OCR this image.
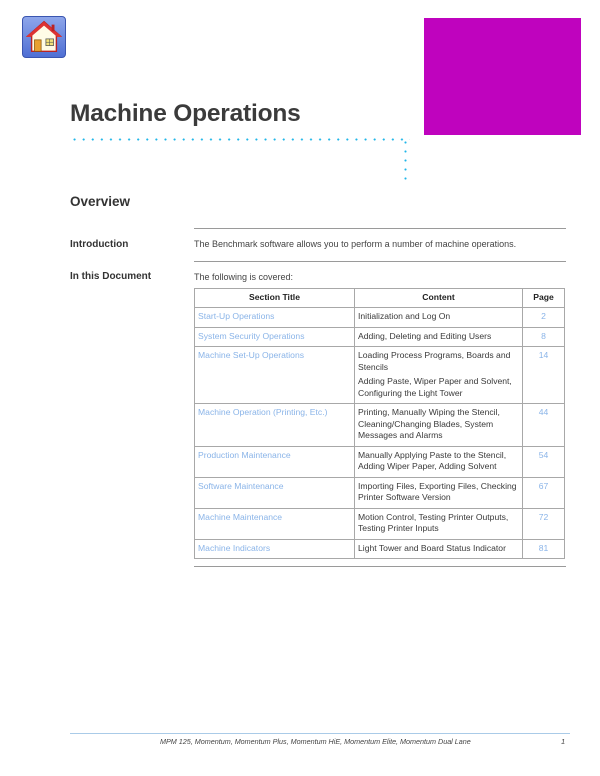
Machine Operations
Overview

Introduction	The Benchmark software allows you to perform a number of machine operations.

In this Document	The following is covered:

Section Title	Content	Page
Start-Up Operations	Initialization and Log On	2
System Security Operations	Adding, Deleting and Editing Users	8
Machine Set-Up Operations	Loading Process Programs, Boards and Stencils
Adding Paste, Wiper Paper and Solvent, Configuring the Light Tower	14
Machine Operation (Printing, Etc.)	Printing, Manually Wiping the Stencil, Cleaning/Changing Blades, System Messages and Alarms	44
Production Maintenance	Manually Applying Paste to the Stencil, Adding Wiper Paper, Adding Solvent	54
Software Maintenance	Importing Files, Exporting Files, Checking Printer Software Version	67
Machine Maintenance	Motion Control, Testing Printer Outputs, Testing Printer Inputs	72
Machine Indicators	Light Tower and Board Status Indicator	81

MPM 125, Momentum, Momentum Plus, Momentum HiE, Momentum Elite, Momentum Dual Lane	1
